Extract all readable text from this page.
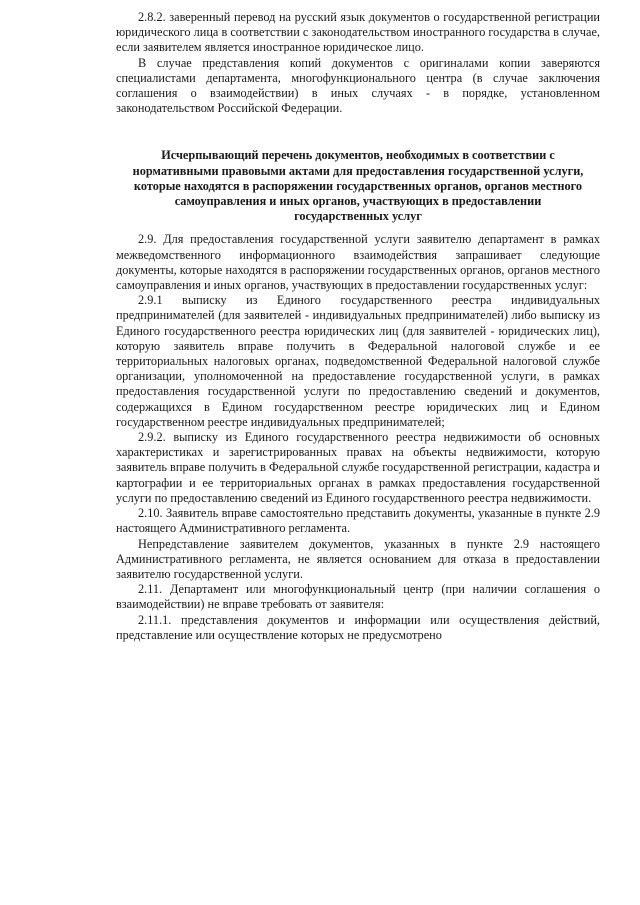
2.8.2. заверенный перевод на русский язык документов о государственной регистрации юридического лица в соответствии с законодательством иностранного государства в случае, если заявителем является иностранное юридическое лицо.

В случае представления копий документов с оригиналами копии заверяются специалистами департамента, многофункционального центра (в случае заключения соглашения о взаимодействии) в иных случаях - в порядке, установленном законодательством Российской Федерации.

Исчерпывающий перечень документов, необходимых в соответствии с нормативными правовыми актами для предоставления государственной услуги, которые находятся в распоряжении государственных органов, органов местного самоуправления и иных органов, участвующих в предоставлении государственных услуг

2.9. Для предоставления государственной услуги заявителю департамент в рамках межведомственного информационного взаимодействия запрашивает следующие документы, которые находятся в распоряжении государственных органов, органов местного самоуправления и иных органов, участвующих в предоставлении государственных услуг:

2.9.1 выписку из Единого государственного реестра индивидуальных предпринимателей (для заявителей - индивидуальных предпринимателей) либо выписку из Единого государственного реестра юридических лиц (для заявителей - юридических лиц), которую заявитель вправе получить в Федеральной налоговой службе и ее территориальных налоговых органах, подведомственной Федеральной налоговой службе организации, уполномоченной на предоставление государственной услуги, в рамках предоставления государственной услуги по предоставлению сведений и документов, содержащихся в Едином государственном реестре юридических лиц и Едином государственном реестре индивидуальных предпринимателей;

2.9.2. выписку из Единого государственного реестра недвижимости об основных характеристиках и зарегистрированных правах на объекты недвижимости, которую заявитель вправе получить в Федеральной службе государственной регистрации, кадастра и картографии и ее территориальных органах в рамках предоставления государственной услуги по предоставлению сведений из Единого государственного реестра недвижимости.

2.10. Заявитель вправе самостоятельно представить документы, указанные в пункте 2.9 настоящего Административного регламента.

Непредставление заявителем документов, указанных в пункте 2.9 настоящего Административного регламента, не является основанием для отказа в предоставлении заявителю государственной услуги.

2.11. Департамент или многофункциональный центр (при наличии соглашения о взаимодействии) не вправе требовать от заявителя:

2.11.1. представления документов и информации или осуществления действий, представление или осуществление которых не предусмотрено
